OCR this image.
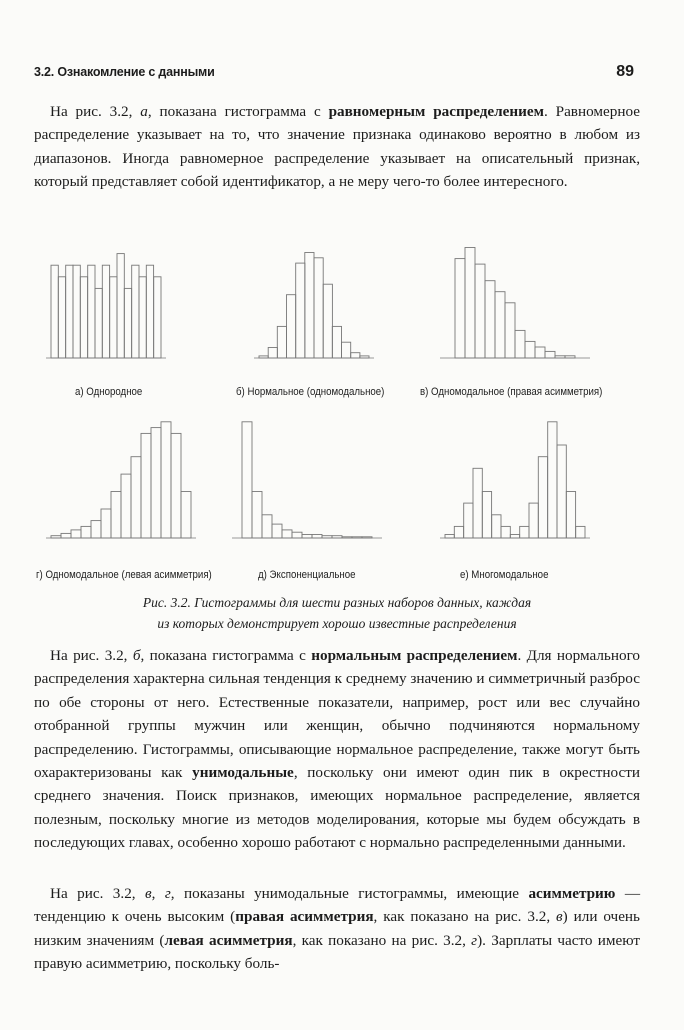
3.2. Ознакомление с данными	89

На рис. 3.2, а, показана гистограмма с равномерным распределением. Равномерное распределение указывает на то, что значение признака одинаково вероятно в любом из диапазонов. Иногда равномерное распределение указывает на описательный признак, который представляет собой идентификатор, а не меру чего-то более интересного.

а) Однородное	б) Нормальное (одномодальное)	в) Одномодальное (правая асимметрия)
г) Одномодальное (левая асимметрия)	д) Экспоненциальное	е) Многомодальное
Рис. 3.2. Гистограммы для шести разных наборов данных, каждая
из которых демонстрирует хорошо известные распределения

На рис. 3.2, б, показана гистограмма с нормальным распределением. Для нормального распределения характерна сильная тенденция к среднему значению и симметричный разброс по обе стороны от него. Естественные показатели, например, рост или вес случайно отобранной группы мужчин или женщин, обычно подчиняются нормальному распределению. Гистограммы, описывающие нормальное распределение, также могут быть охарактеризованы как унимодальные, поскольку они имеют один пик в окрестности среднего значения. Поиск признаков, имеющих нормальное распределение, является полезным, поскольку многие из методов моделирования, которые мы будем обсуждать в последующих главах, особенно хорошо работают с нормально распределенными данными.

На рис. 3.2, в, г, показаны унимодальные гистограммы, имеющие асимметрию — тенденцию к очень высоким (правая асимметрия, как показано на рис. 3.2, в) или очень низким значениям (левая асимметрия, как показано на рис. 3.2, г). Зарплаты часто имеют правую асимметрию, поскольку боль-
